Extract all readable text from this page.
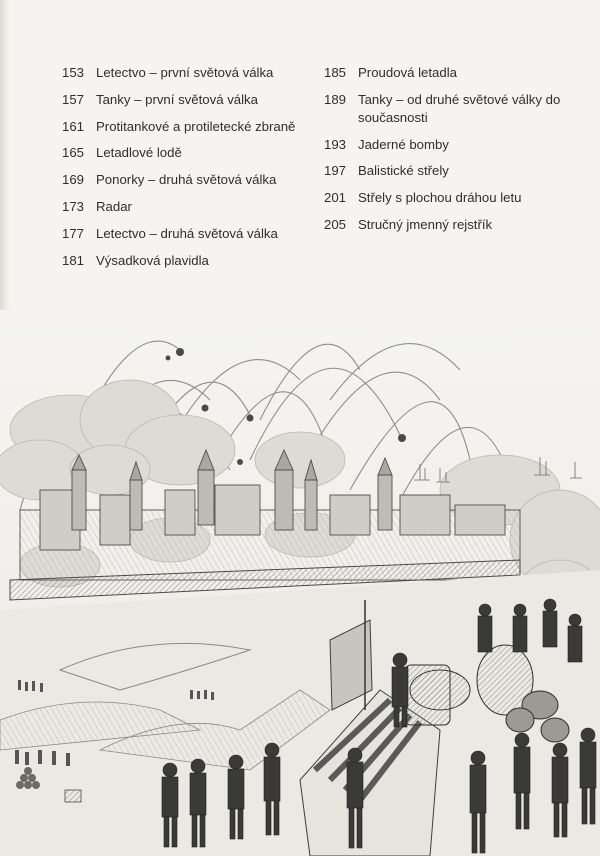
153 Letectvo – první světová válka
157 Tanky – první světová válka
161 Protitankové a protiletecké zbraně
165 Letadlové lodě
169 Ponorky – druhá světová válka
173 Radar
177 Letectvo – druhá světová válka
181 Výsadková plavidla
185 Proudová letadla
189 Tanky – od druhé světové války do současnosti
193 Jaderné bomby
197 Balistické střely
201 Střely s plochou dráhou letu
205 Stručný jmenný rejstřík
